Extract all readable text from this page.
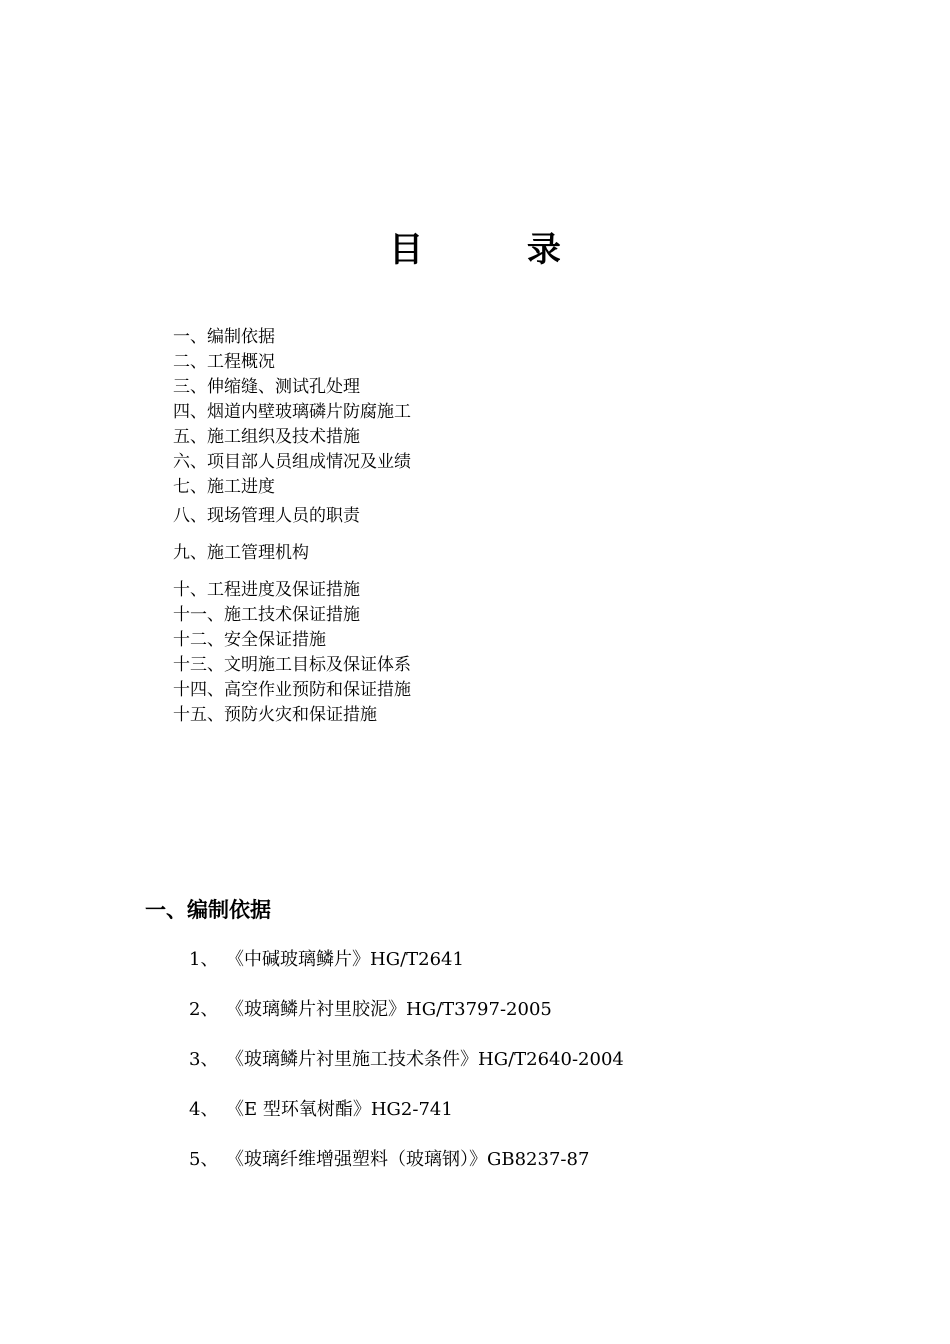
目 录
一、编制依据
二、工程概况
三、伸缩缝、测试孔处理
四、烟道内壁玻璃磷片防腐施工
五、施工组织及技术措施
六、项目部人员组成情况及业绩
七、施工进度
八、现场管理人员的职责
九、施工管理机构
十、工程进度及保证措施
十一、施工技术保证措施
十二、安全保证措施
十三、文明施工目标及保证体系
十四、高空作业预防和保证措施
十五、预防火灾和保证措施
一、编制依据
1、 《中碱玻璃鳞片》HG/T2641
2、 《玻璃鳞片衬里胶泥》HG/T3797-2005
3、 《玻璃鳞片衬里施工技术条件》HG/T2640-2004
4、 《E 型环氧树酯》HG2-741
5、 《玻璃纤维增强塑料（玻璃钢）》GB8237-87
